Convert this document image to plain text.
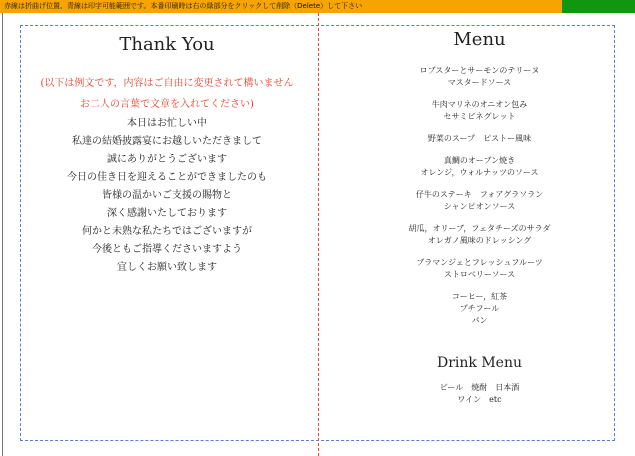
赤線は折曲げ位置、青線は印字可能範囲です。本番印刷時は右の緑部分をクリックして削除（Delete）して下さい
Thank You
(以下は例文です，内容はご自由に変更されて構いません
お二人の言葉で文章を入れてください)
本日はお忙しい中
私達の結婚披露宴にお越しいただきまして
誠にありがとうございます
今日の佳き日を迎えることができましたのも
皆様の温かいご支援の賜物と
深く感謝いたしております
何かと未熟な私たちではございますが
今後ともご指導くださいますよう
宜しくお願い致します
Menu
ロブスターとサーモンのテリーヌ
マスタードソース
牛肉マリネのオニオン包み
セサミビネグレット
野菜のスープ　ピストー風味
真鯛のオーブン焼き
オレンジ，ウォルナッツのソース
仔牛のステーキ　フォアグラソラン
シャンピオンソース
胡瓜，オリーブ，フェタチーズのサラダ
オレガノ風味のドレッシング
ブラマンジェとフレッシュフルーツ
ストロベリーソース
コーヒー，紅茶
プチフール
パン
Drink Menu
ビール　焼酎　日本酒
ワイン　etc
